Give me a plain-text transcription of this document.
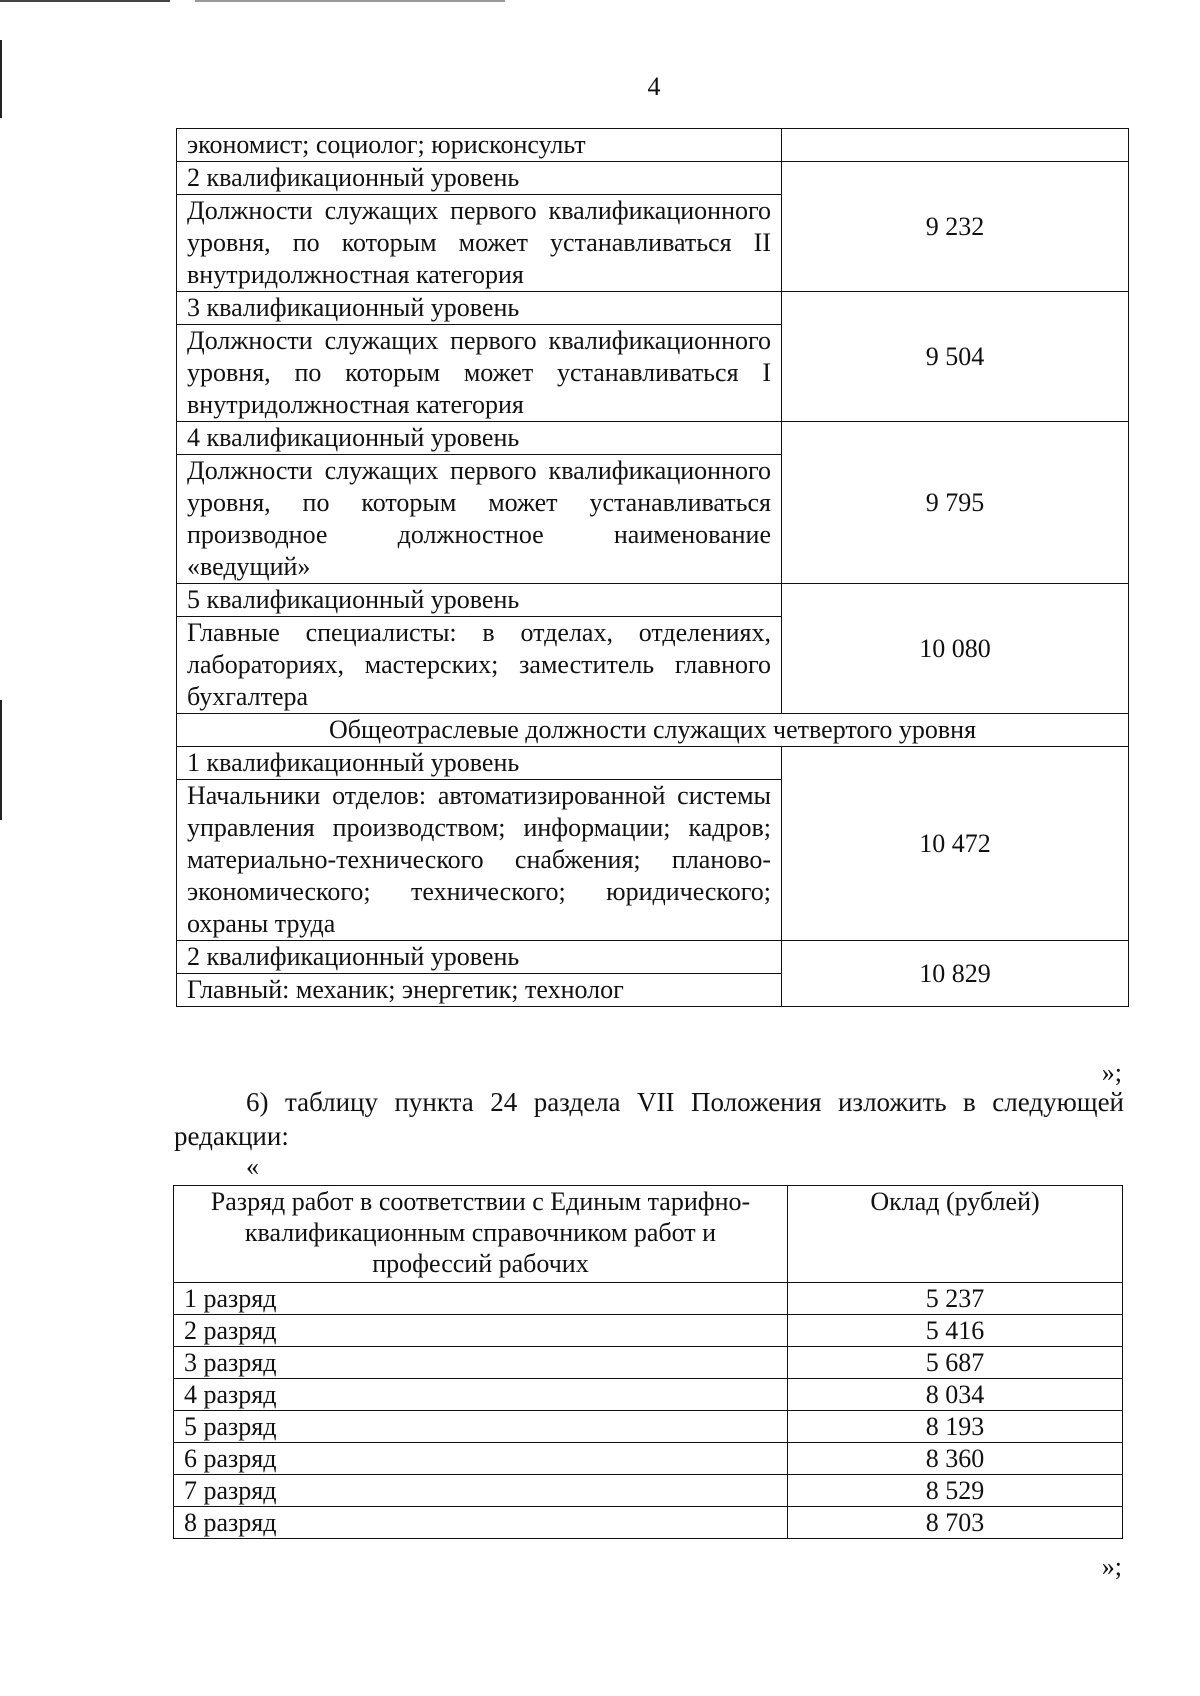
4
экономист; социолог; юрисконсульт	
2 квалификационный уровень	9 232
Должности служащих первого квалификационного уровня, по которым может устанавливаться II внутридолжностная категория	
3 квалификационный уровень	9 504
Должности служащих первого квалификационного уровня, по которым может устанавливаться I внутридолжностная категория	
4 квалификационный уровень	9 795
Должности служащих первого квалификационного уровня, по которым может устанавливаться производное должностное наименование «ведущий»	
5 квалификационный уровень	10 080
Главные специалисты: в отделах, отделениях, лабораториях, мастерских; заместитель главного бухгалтера	
Общеотраслевые должности служащих четвертого уровня	
1 квалификационный уровень	10 472
Начальники отделов: автоматизированной системы управления производством; информации; кадров; материально-технического снабжения; планово-экономического; технического; юридического; охраны труда	
2 квалификационный уровень	10 829
Главный: механик; энергетик; технолог	
»;
6) таблицу пункта 24 раздела VII Положения изложить в следующей редакции:
«
Разряд работ в соответствии с Единым тарифно-квалификационным справочником работ и профессий рабочих	Оклад (рублей)
1 разряд	5 237
2 разряд	5 416
3 разряд	5 687
4 разряд	8 034
5 разряд	8 193
6 разряд	8 360
7 разряд	8 529
8 разряд	8 703
»;
